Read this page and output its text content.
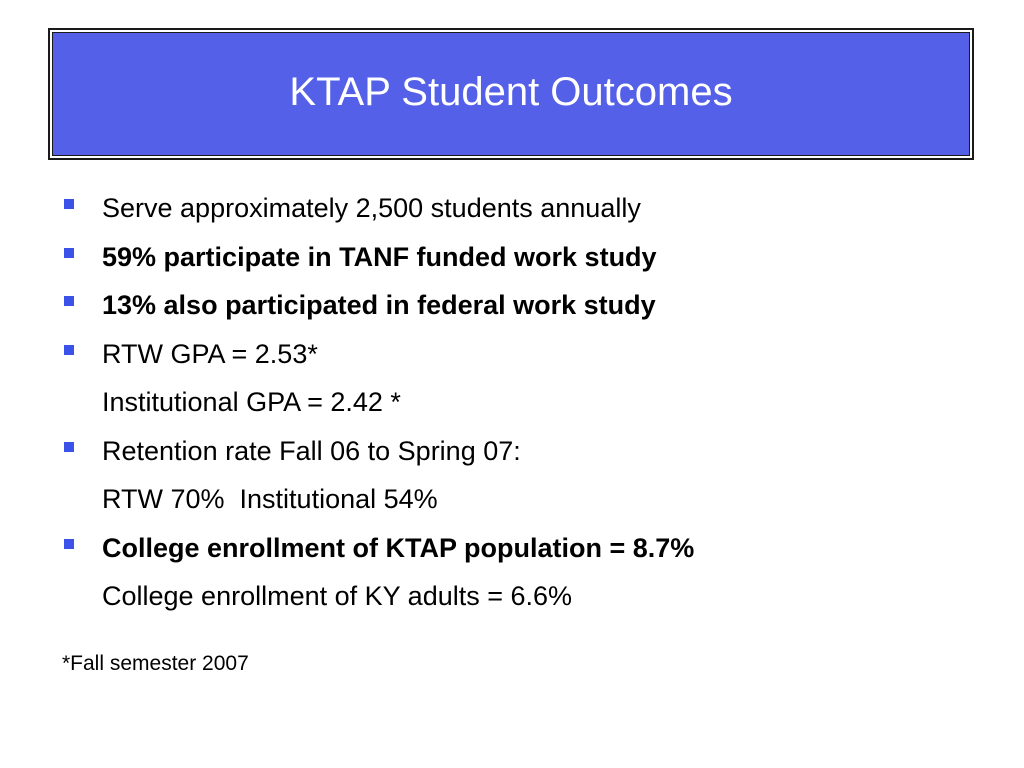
KTAP Student Outcomes
Serve approximately 2,500 students annually
59% participate in TANF funded work study
13% also participated in federal work study
RTW GPA = 2.53*
Institutional GPA = 2.42 *
Retention rate Fall 06 to Spring 07:
RTW 70%  Institutional 54%
College enrollment of KTAP population = 8.7%
College enrollment of KY adults = 6.6%
*Fall semester 2007
